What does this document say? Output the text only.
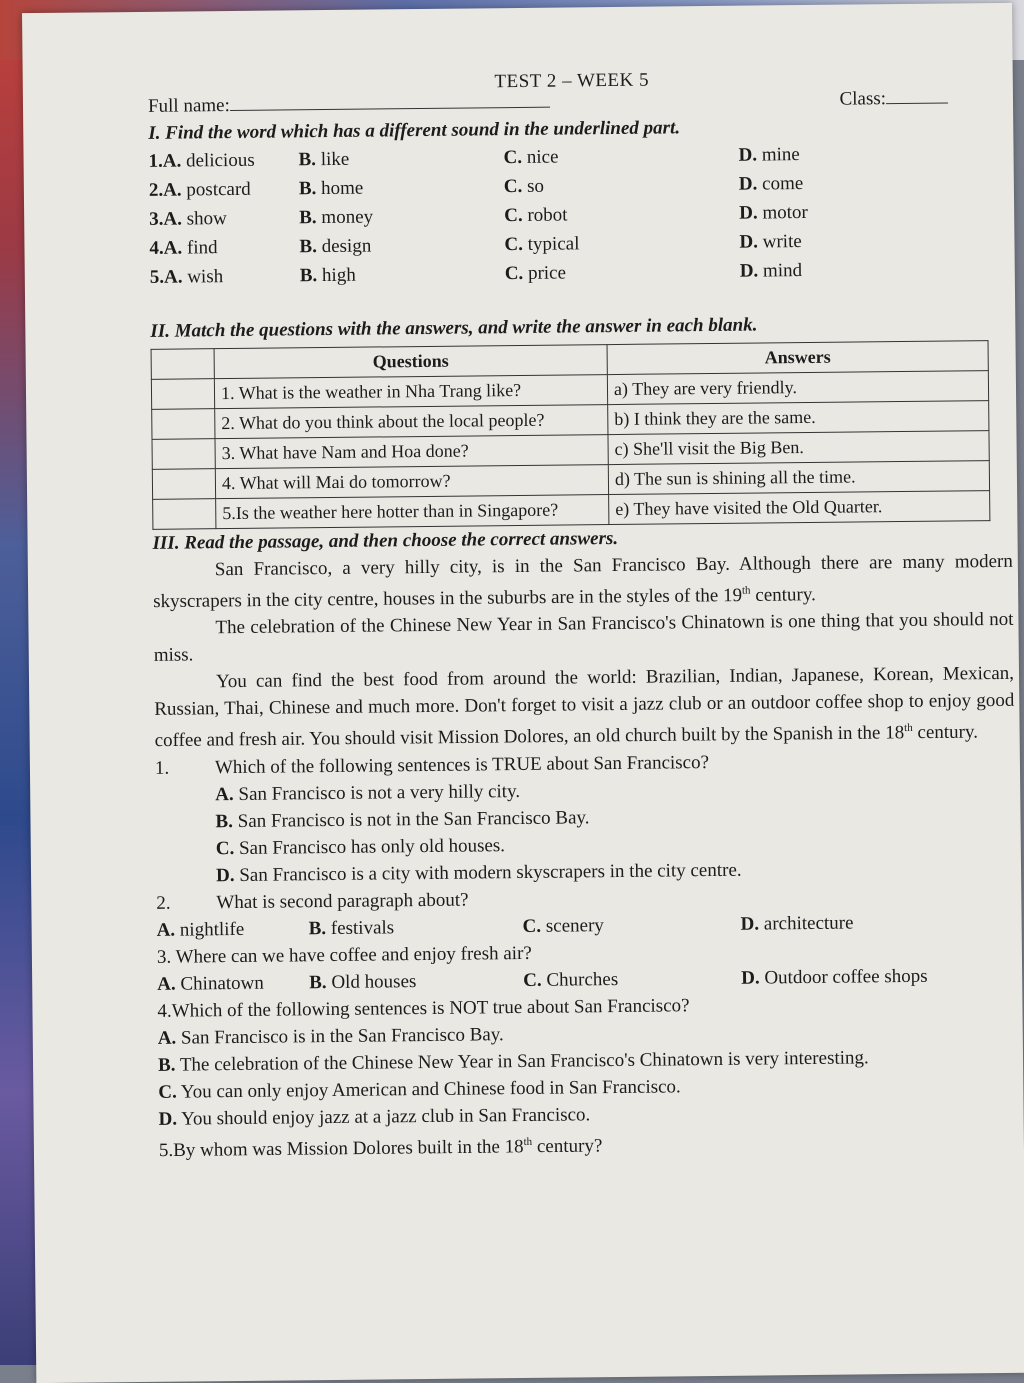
TEST 2 – WEEK 5
Full name:	Class:
I. Find the word which has a different sound in the underlined part.
1.A. delicious	B. like	C. nice	D. mine
2.A. postcard	B. home	C. so	D. come
3.A. show	B. money	C. robot	D. motor
4.A. find	B. design	C. typical	D. write
5.A. wish	B. high	C. price	D. mind
II. Match the questions with the answers, and write the answer in each blank.
	Questions	Answers
	1. What is the weather in Nha Trang like?	a) They are very friendly.
	2. What do you think about the local people?	b) I think they are the same.
	3. What have Nam and Hoa done?	c) She'll visit the Big Ben.
	4. What will Mai do tomorrow?	d) The sun is shining all the time.
	5.Is the weather here hotter than in Singapore?	e) They have visited the Old Quarter.
III. Read the passage, and then choose the correct answers.

San Francisco, a very hilly city, is in the San Francisco Bay. Although there are many modern skyscrapers in the city centre, houses in the suburbs are in the styles of the 19th century.

The celebration of the Chinese New Year in San Francisco's Chinatown is one thing that you should not miss.

You can find the best food from around the world: Brazilian, Indian, Japanese, Korean, Mexican, Russian, Thai, Chinese and much more. Don't forget to visit a jazz club or an outdoor coffee shop to enjoy good coffee and fresh air. You should visit Mission Dolores, an old church built by the Spanish in the 18th century.

1.	Which of the following sentences is TRUE about San Francisco?
A. San Francisco is not a very hilly city.
B. San Francisco is not in the San Francisco Bay.
C. San Francisco has only old houses.
D. San Francisco is a city with modern skyscrapers in the city centre.
2.	What is second paragraph about?
A. nightlife	B. festivals	C. scenery	D. architecture
3. Where can we have coffee and enjoy fresh air?
A. Chinatown	B. Old houses	C. Churches	D. Outdoor coffee shops
4.Which of the following sentences is NOT true about San Francisco?
A. San Francisco is in the San Francisco Bay.
B. The celebration of the Chinese New Year in San Francisco's Chinatown is very interesting.
C. You can only enjoy American and Chinese food in San Francisco.
D. You should enjoy jazz at a jazz club in San Francisco.
5.By whom was Mission Dolores built in the 18th century?
